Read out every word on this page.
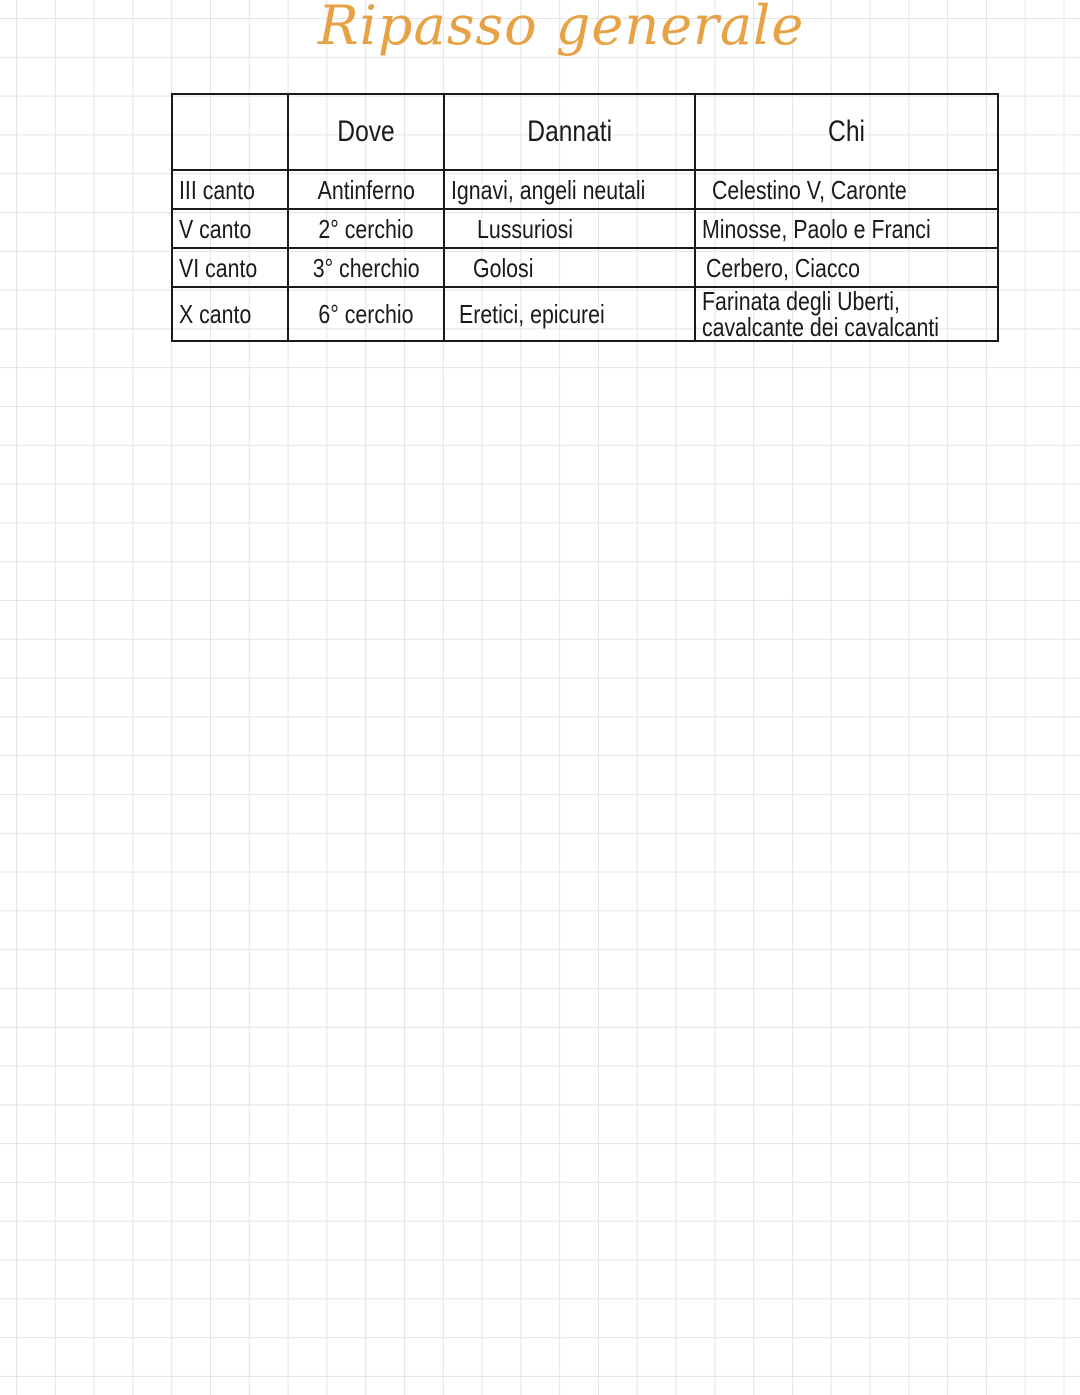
Ripasso generale
	Dove	Dannati	Chi
III canto	Antinferno	Ignavi, angeli neutali	Celestino V, Caronte
V canto	2° cerchio	Lussuriosi	Minosse, Paolo e Franci
VI canto	3° cherchio	Golosi	Cerbero, Ciacco
X canto	6° cerchio	Eretici, epicurei	Farinata degli Uberti,
cavalcante dei cavalcanti
